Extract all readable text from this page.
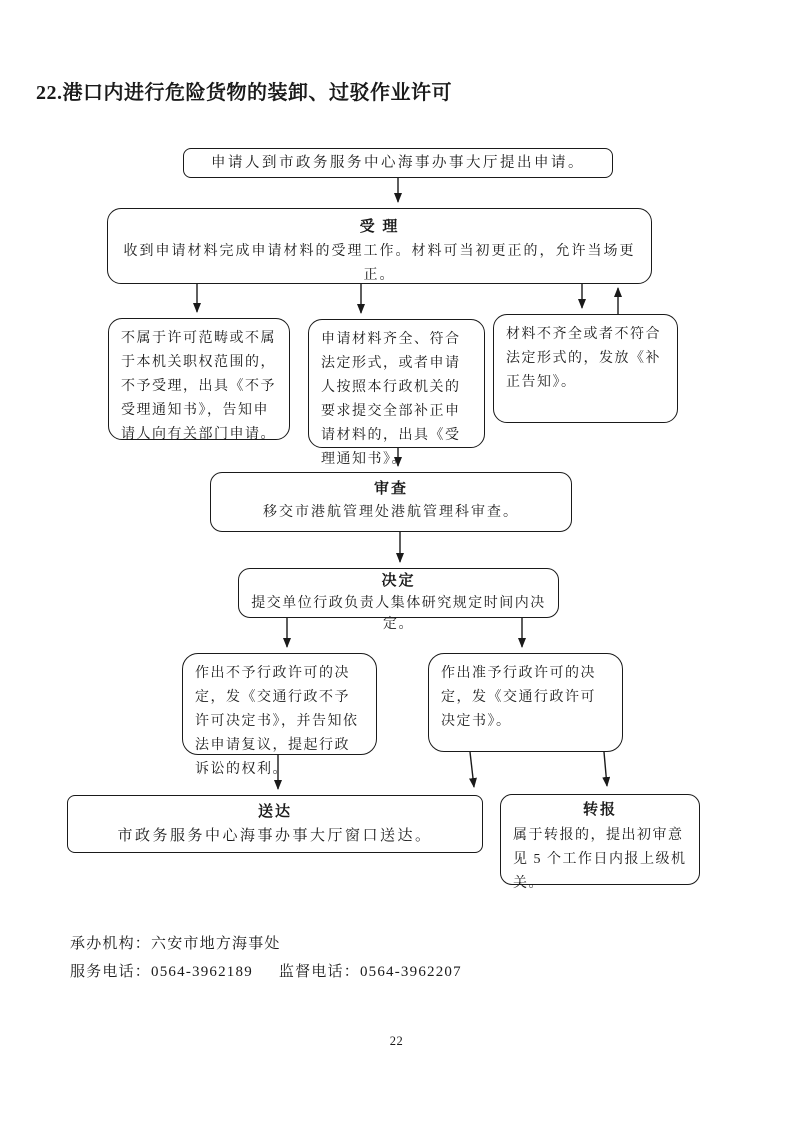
22.港口内进行危险货物的装卸、过驳作业许可
申请人到市政务服务中心海事办事大厅提出申请。
受 理
收到申请材料完成申请材料的受理工作。材料可当初更正的，允许当场更正。
不属于许可范畴或不属于本机关职权范围的，不予受理，出具《不予受理通知书》，告知申请人向有关部门申请。
申请材料齐全、符合法定形式，或者申请人按照本行政机关的要求提交全部补正申请材料的，出具《受理通知书》。
材料不齐全或者不符合法定形式的，发放《补正告知》。
审查
移交市港航管理处港航管理科审查。
决定
提交单位行政负责人集体研究规定时间内决定。
作出不予行政许可的决定，发《交通行政不予许可决定书》，并告知依法申请复议，提起行政诉讼的权利。
作出准予行政许可的决定，发《交通行政许可决定书》。
送达
市政务服务中心海事办事大厅窗口送达。
转报
属于转报的，提出初审意见 5 个工作日内报上级机关。
承办机构：六安市地方海事处
服务电话：0564-3962189 监督电话：0564-3962207
22
